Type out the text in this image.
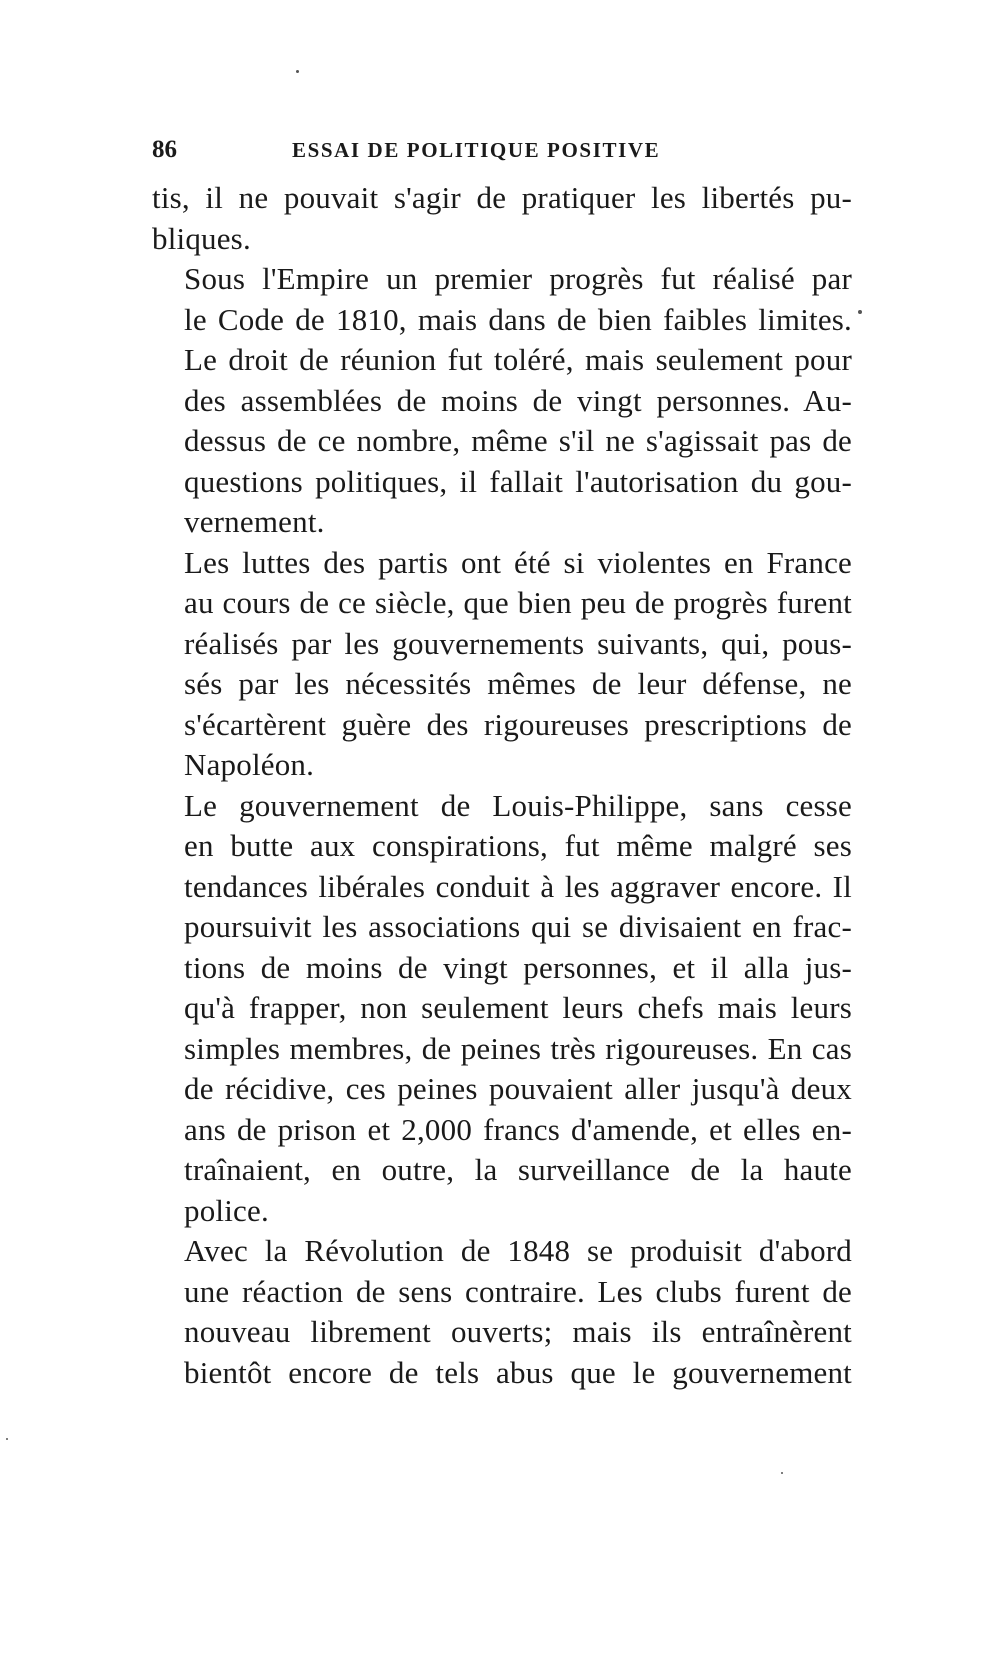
86	ESSAI DE POLITIQUE POSITIVE

tis, il ne pouvait s'agir de pratiquer les libertés pu-
bliques.

Sous l'Empire un premier progrès fut réalisé par
le Code de 1810, mais dans de bien faibles limites.
Le droit de réunion fut toléré, mais seulement pour
des assemblées de moins de vingt personnes. Au-
dessus de ce nombre, même s'il ne s'agissait pas de
questions politiques, il fallait l'autorisation du gou-
vernement.

Les luttes des partis ont été si violentes en France
au cours de ce siècle, que bien peu de progrès furent
réalisés par les gouvernements suivants, qui, pous-
sés par les nécessités mêmes de leur défense, ne
s'écartèrent guère des rigoureuses prescriptions de
Napoléon.

Le gouvernement de Louis-Philippe, sans cesse
en butte aux conspirations, fut même malgré ses
tendances libérales conduit à les aggraver encore. Il
poursuivit les associations qui se divisaient en frac-
tions de moins de vingt personnes, et il alla jus-
qu'à frapper, non seulement leurs chefs mais leurs
simples membres, de peines très rigoureuses. En cas
de récidive, ces peines pouvaient aller jusqu'à deux
ans de prison et 2,000 francs d'amende, et elles en-
traînaient, en outre, la surveillance de la haute
police.

Avec la Révolution de 1848 se produisit d'abord
une réaction de sens contraire. Les clubs furent de
nouveau librement ouverts; mais ils entraînèrent
bientôt encore de tels abus que le gouvernement
